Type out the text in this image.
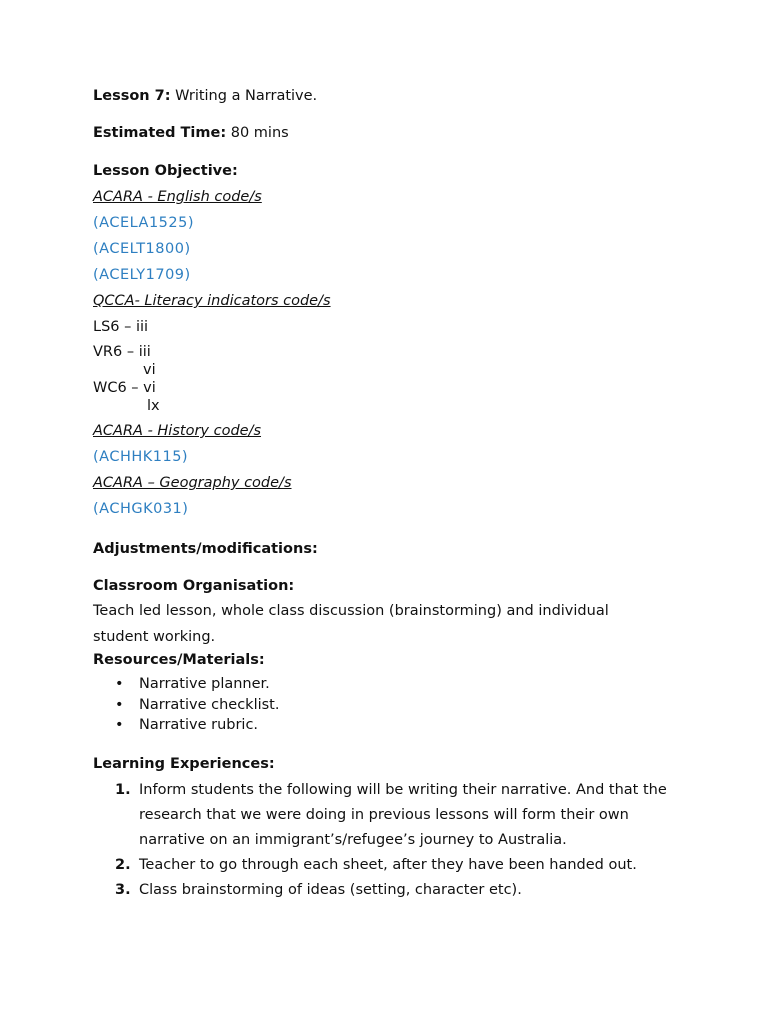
Lesson 7: Writing a Narrative.
Estimated Time: 80 mins
Lesson Objective:
ACARA - English code/s
(ACELA1525)
(ACELT1800)
(ACELY1709)
QCCA- Literacy indicators code/s
LS6 – iii
VR6 – iii
vi
WC6 – vi
lx
ACARA - History code/s
(ACHHK115)
ACARA – Geography code/s
(ACHGK031)
Adjustments/modifications:
Classroom Organisation:
Teach led lesson, whole class discussion (brainstorming) and individual student working.
Resources/Materials:
• Narrative planner.
• Narrative checklist.
• Narrative rubric.
Learning Experiences:
1. Inform students the following will be writing their narrative. And that the research that we were doing in previous lessons will form their own narrative on an immigrant’s/refugee’s journey to Australia.
2. Teacher to go through each sheet, after they have been handed out.
3. Class brainstorming of ideas (setting, character etc).
